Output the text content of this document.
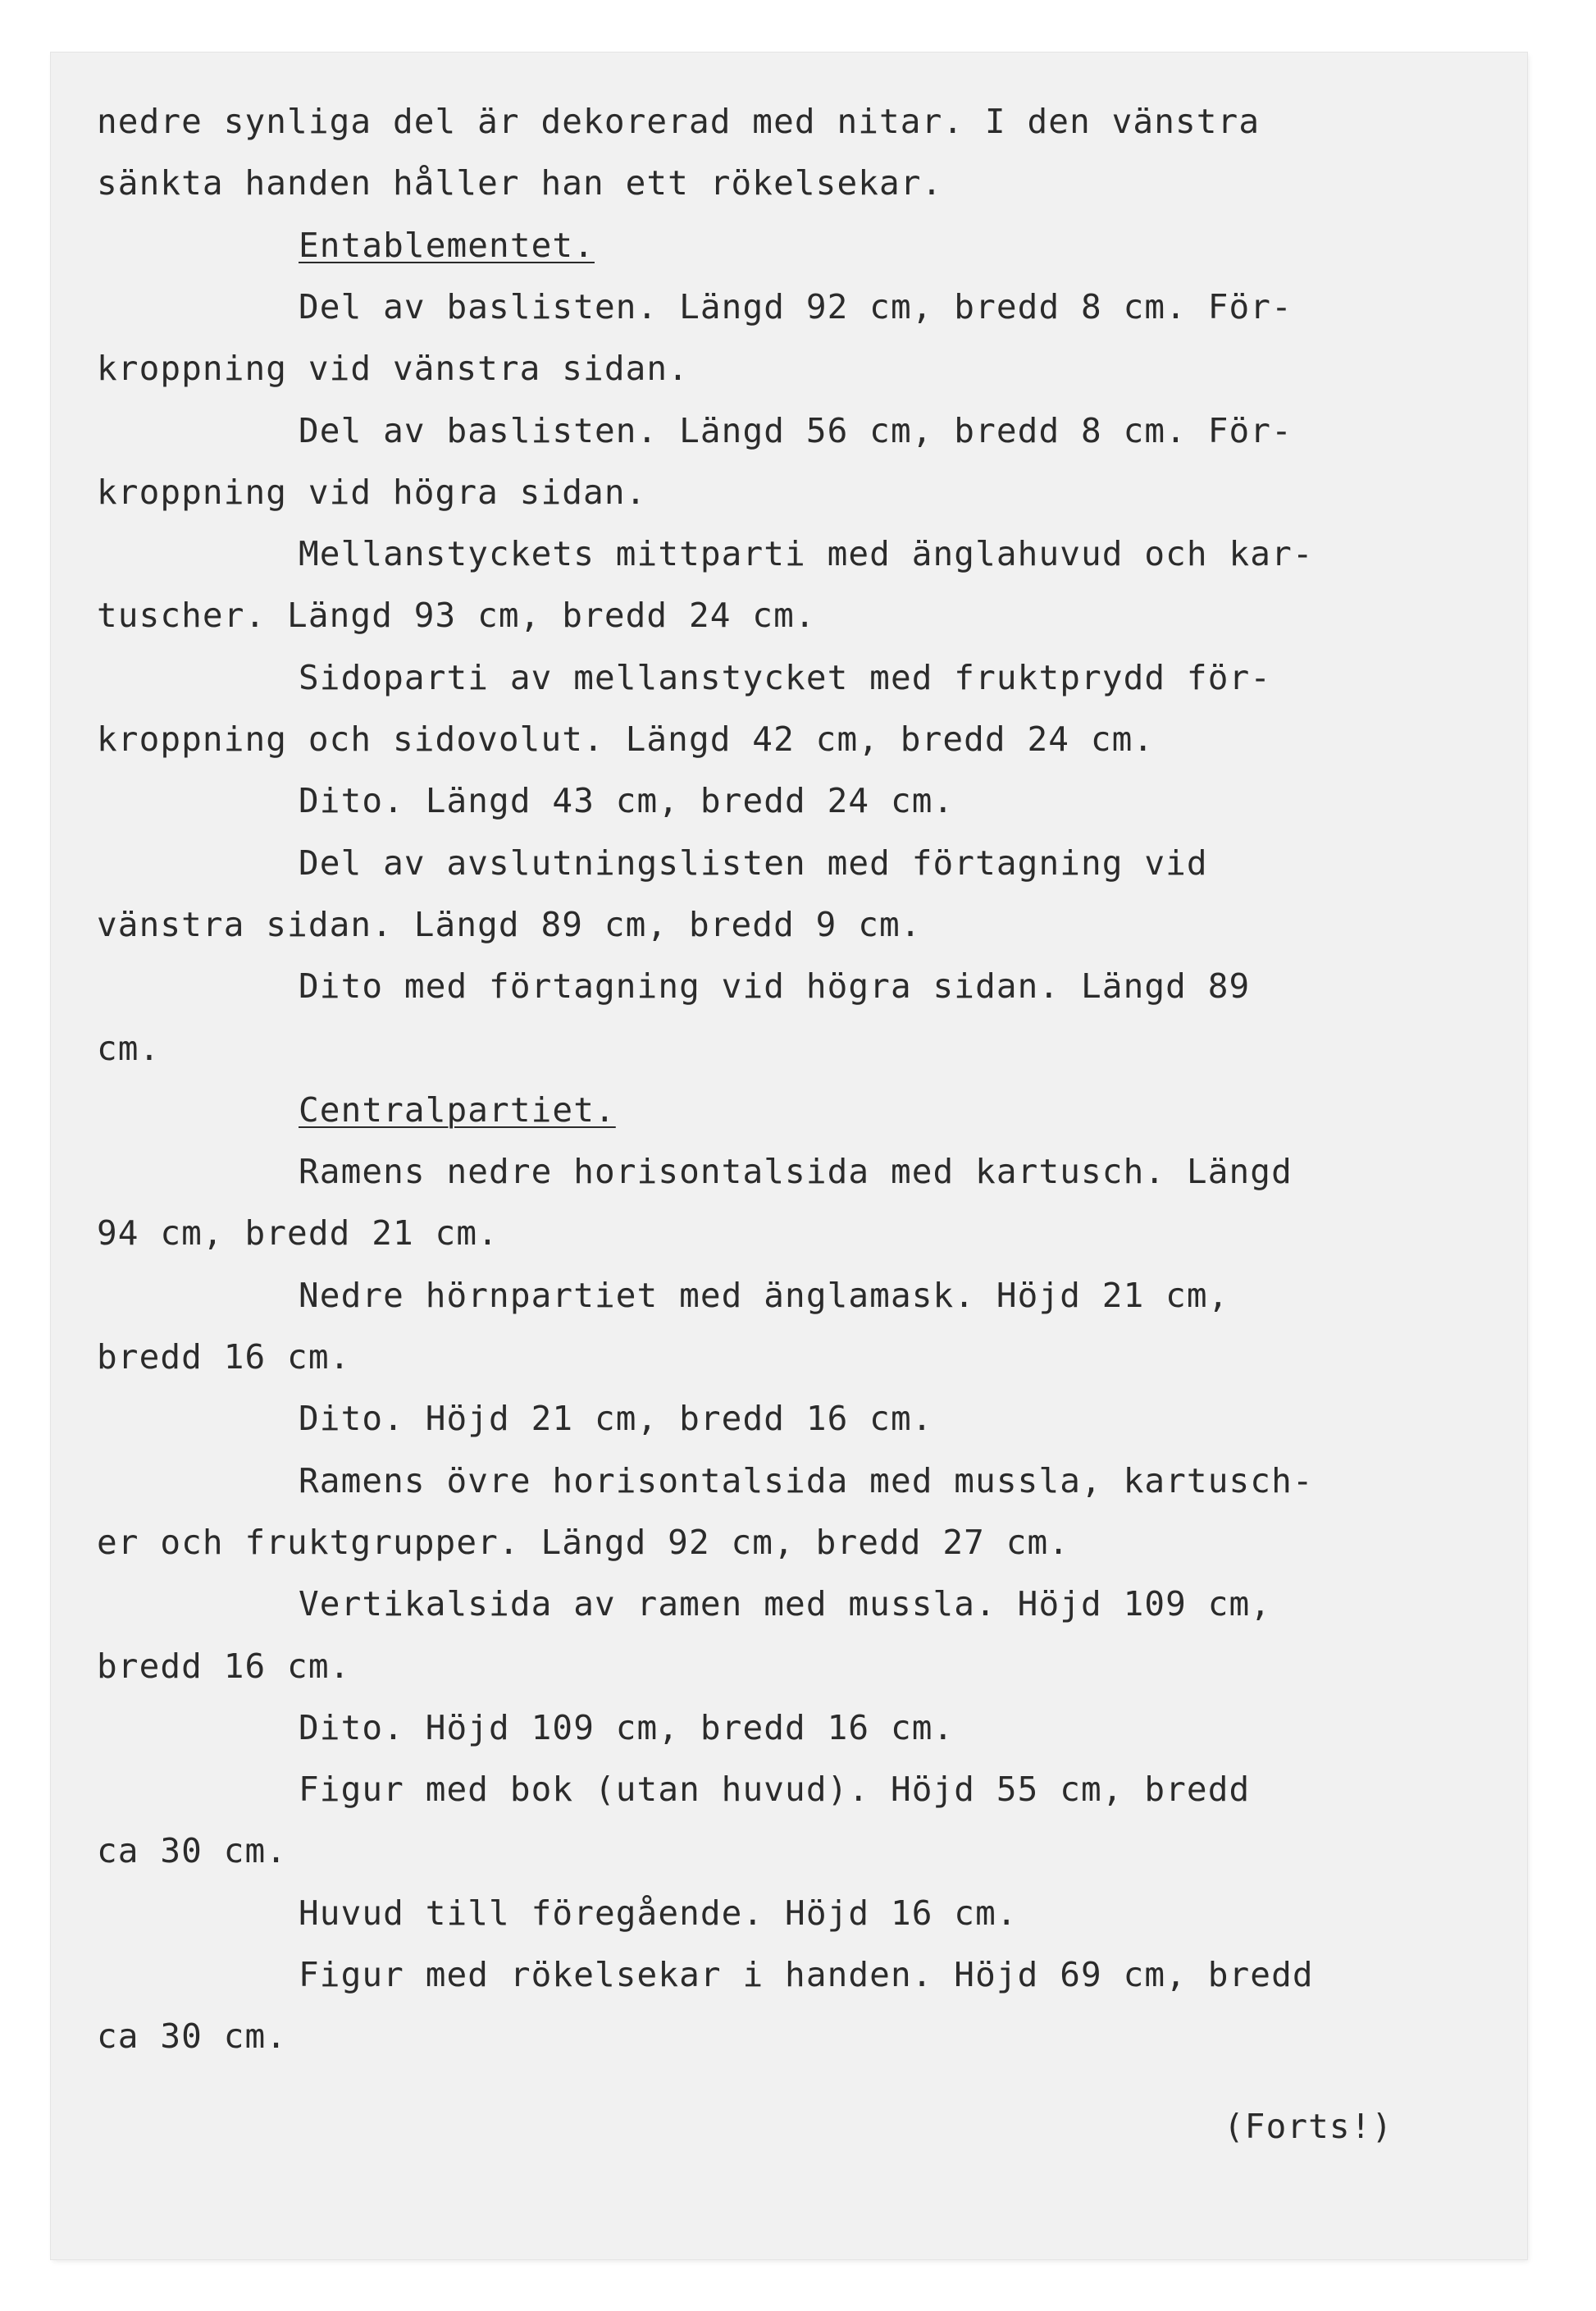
nedre synliga del är dekorerad med nitar. I den vänstra
sänkta handen håller han ett rökelsekar.
Entablementet.
Del av baslisten. Längd 92 cm, bredd 8 cm. För-
kroppning vid vänstra sidan.
Del av baslisten. Längd 56 cm, bredd 8 cm. För-
kroppning vid högra sidan.
Mellanstyckets mittparti med änglahuvud och kar-
tuscher. Längd 93 cm, bredd 24 cm.
Sidoparti av mellanstycket med fruktprydd för-
kroppning och sidovolut. Längd 42 cm, bredd 24 cm.
Dito. Längd 43 cm, bredd 24 cm.
Del av avslutningslisten med förtagning vid
vänstra sidan. Längd 89 cm, bredd 9 cm.
Dito med förtagning vid högra sidan. Längd 89
cm.
Centralpartiet.
Ramens nedre horisontalsida med kartusch. Längd
94 cm, bredd 21 cm.
Nedre hörnpartiet med änglamask. Höjd 21 cm,
bredd 16 cm.
Dito. Höjd 21 cm, bredd 16 cm.
Ramens övre horisontalsida med mussla, kartusch-
er och fruktgrupper. Längd 92 cm, bredd 27 cm.
Vertikalsida av ramen med mussla. Höjd 109 cm,
bredd 16 cm.
Dito. Höjd 109 cm, bredd 16 cm.
Figur med bok (utan huvud). Höjd 55 cm, bredd
ca 30 cm.
Huvud till föregående. Höjd 16 cm.
Figur med rökelsekar i handen. Höjd 69 cm, bredd
ca 30 cm.
(Forts!)
